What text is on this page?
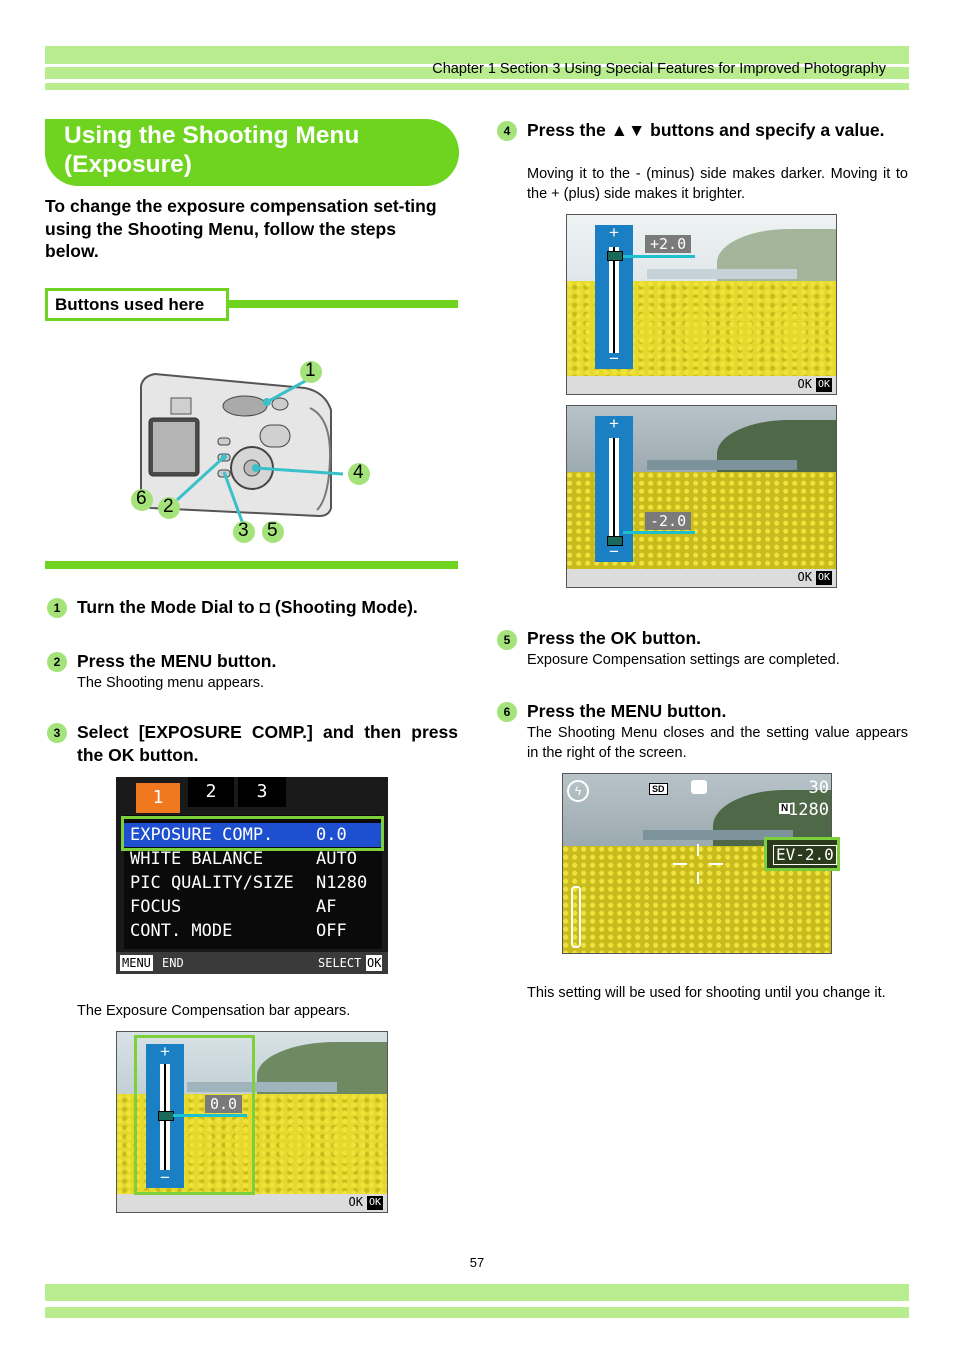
Chapter 1 Section 3 Using Special Features for Improved Photography
Using the Shooting Menu
(Exposure)
To change the exposure compensation set-ting using the Shooting Menu, follow the steps below.
Buttons used here
1
4
6 2
3 5
1 Turn the Mode Dial to ◘ (Shooting Mode).
2 Press the MENU button.
The Shooting menu appears.
3 Select [EXPOSURE COMP.] and then press the OK button.
1	2	3
EXPOSURE COMP.	0.0
WHITE BALANCE	AUTO
PIC QUALITY/SIZE N1280
FOCUS	AF
CONT. MODE	OFF
MENU END	SELECT OK
The Exposure Compensation bar appears.
OK OK
+
−
0.0
4 Press the ▲▼ buttons and specify a value.
Moving it to the - (minus) side makes darker. Moving it to the + (plus) side makes it brighter.
OK OK
+
−
+2.0
OK OK
+
−
-2.0
5 Press the OK button.
Exposure Compensation settings are completed.
6 Press the MENU button.
The Shooting Menu closes and the setting value appears in the right of the screen.
ϟ	SD	30
N 1280
EV-2.0
This setting will be used for shooting until you change it.
57
